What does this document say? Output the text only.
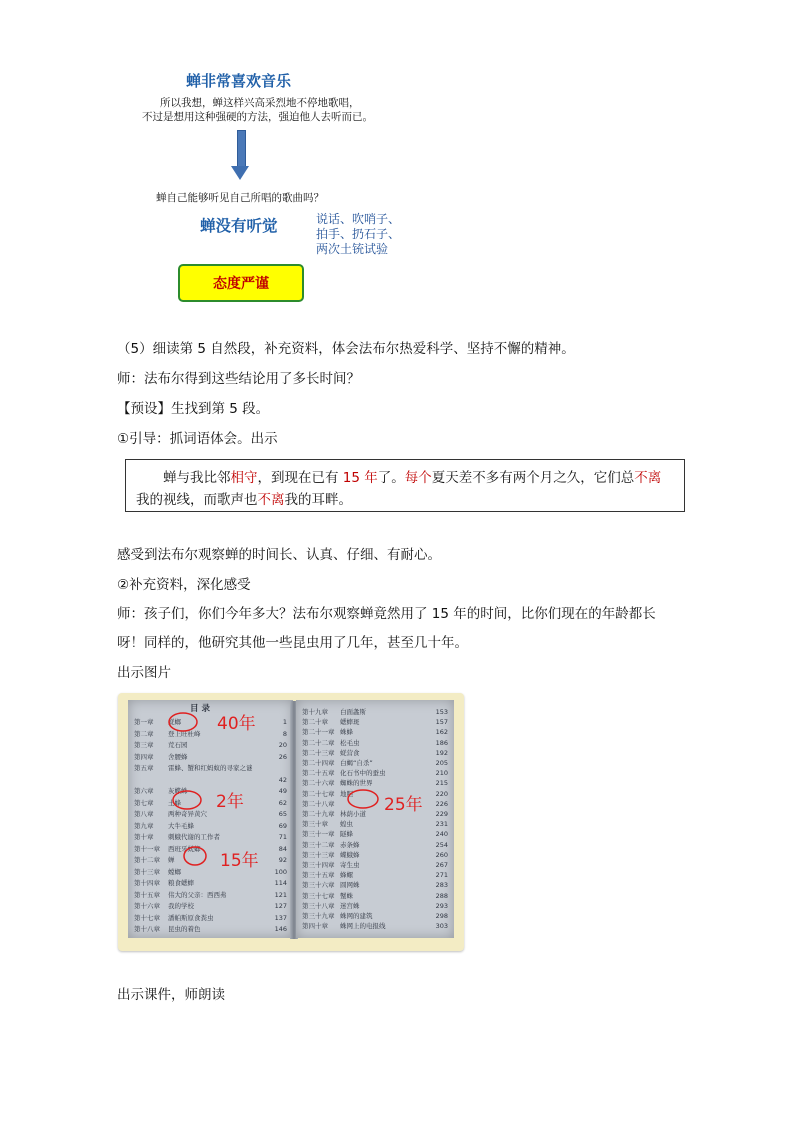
蝉非常喜欢音乐
所以我想，蝉这样兴高采烈地不停地歌唱，
不过是想用这种强硬的方法，强迫他人去听而已。
蝉自己能够听见自己所唱的歌曲吗？
蝉没有听觉	说话、吹哨子、
拍手、扔石子、
两次土铳试验
态度严谨
（5）细读第 5 自然段，补充资料，体会法布尔热爱科学、坚持不懈的精神。
师：法布尔得到这些结论用了多长时间？
【预设】生找到第 5 段。
①引导：抓词语体会。出示
蝉与我比邻相守，到现在已有 15 年了。每个夏天差不多有两个月之久，它们总不离
我的视线，而歌声也不离我的耳畔。
感受到法布尔观察蝉的时间长、认真、仔细、有耐心。
②补充资料，深化感受
师：孩子们，你们今年多大？法布尔观察蝉竟然用了 15 年的时间，比你们现在的年龄都长
呀！同样的，他研究其他一些昆虫用了几年，甚至几十年。
出示图片
目 录
第一章 蜣螂	1
第二章 登上旺杜峰	8
第三章 荒石园	20
第四章 舍腰蜂	26
第五章 雷蜂、蟹和红蚂蚁的寻家之谜
42
第六章 灰蝶蛛	49
第七章 土蜂	62
第八章 两种奇异黄穴	65
第九章 大牛毛蜂	69
第十章 刺蛾代谢的工作者	71
第十一章 西班牙蜣螂	84
第十二章 蝉	92
第十三章 螳螂	100
第十四章 粮食蟋蟀	114
第十五章 伟大的父亲：西西弗	121
第十六章 我的学校	127
第十七章 潘帕斯原食粪虫	137
第十八章 昆虫的着色	146
第十九章 白面螽斯	153
第二十章 蟋蟀斑	157
第二十一章 蛛蜂	162
第二十二章 松毛虫	186
第二十三章 蜣营食	192
第二十四章 白蝎“自杀”	205
第二十五章 化石书中的蚕虫	210
第二十六章 蜘蛛的世界	215
第二十七章 地胆	220
第二十八章	226
第二十九章 林荫小道	229
第三十章 蝗虫	231
第三十一章 隧蜂	240
第三十二章 赤条蜂	254
第三十三章 蝶蛾蜂	260
第三十四章 寄生虫	267
第三十五章 蜂螺	271
第三十六章 圆网蛛	283
第三十七章 蟹蛛	288
第三十八章 迷宫蛛	293
第三十九章 蛛网的建筑	298
第四十章 蛛网上的电报线	303
40年
2年
15年
25年
出示课件，师朗读
